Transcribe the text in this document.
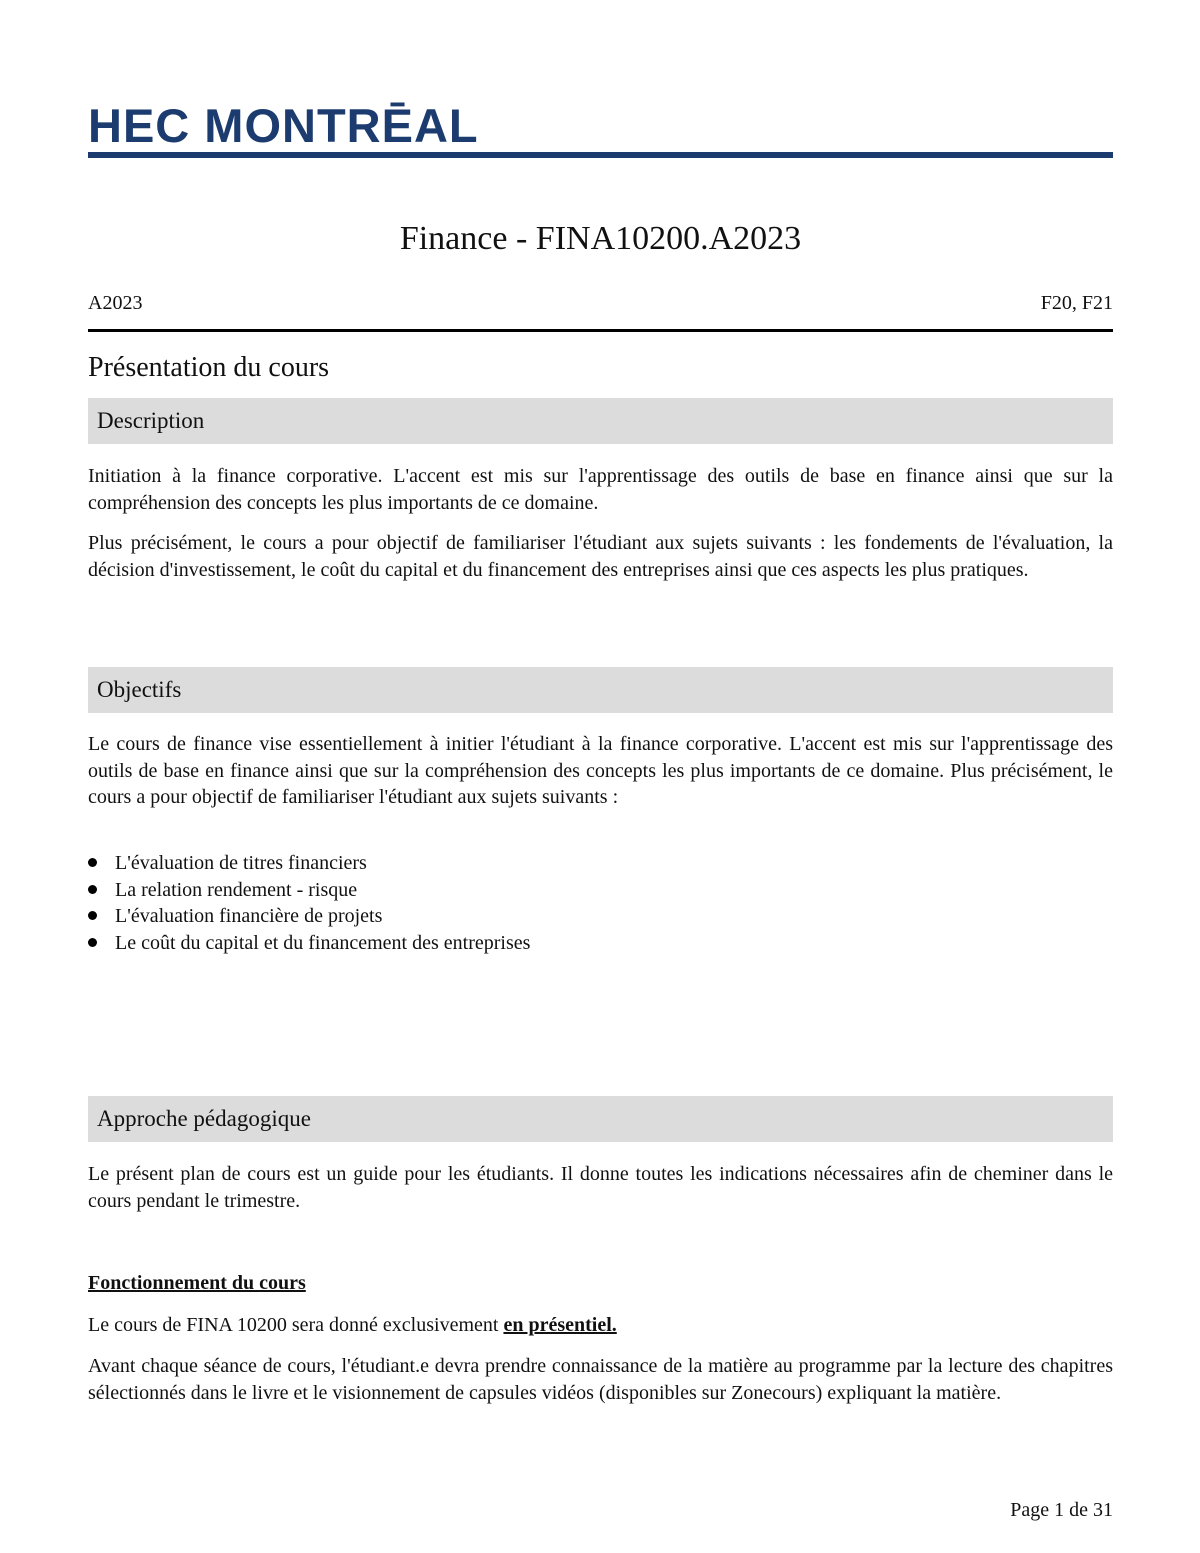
HEC MONTRĒAL
Finance - FINA10200.A2023
A2023	F20, F21
Présentation du cours
Description

Initiation à la finance corporative. L'accent est mis sur l'apprentissage des outils de base en finance ainsi que sur la compréhension des concepts les plus importants de ce domaine.

Plus précisément, le cours a pour objectif de familiariser l'étudiant aux sujets suivants : les fondements de l'évaluation, la décision d'investissement, le coût du capital et du financement des entreprises ainsi que ces aspects les plus pratiques.

Objectifs

Le cours de finance vise essentiellement à initier l'étudiant à la finance corporative. L'accent est mis sur l'apprentissage des outils de base en finance ainsi que sur la compréhension des concepts les plus importants de ce domaine. Plus précisément, le cours a pour objectif de familiariser l'étudiant aux sujets suivants :

L'évaluation de titres financiers
La relation rendement - risque
L'évaluation financière de projets
Le coût du capital et du financement des entreprises
Approche pédagogique

Le présent plan de cours est un guide pour les étudiants. Il donne toutes les indications nécessaires afin de cheminer dans le cours pendant le trimestre.

Fonctionnement du cours

Le cours de FINA 10200 sera donné exclusivement en présentiel.

Avant chaque séance de cours, l'étudiant.e devra prendre connaissance de la matière au programme par la lecture des chapitres sélectionnés dans le livre et le visionnement de capsules vidéos (disponibles sur Zonecours) expliquant la matière.

Page 1 de 31
